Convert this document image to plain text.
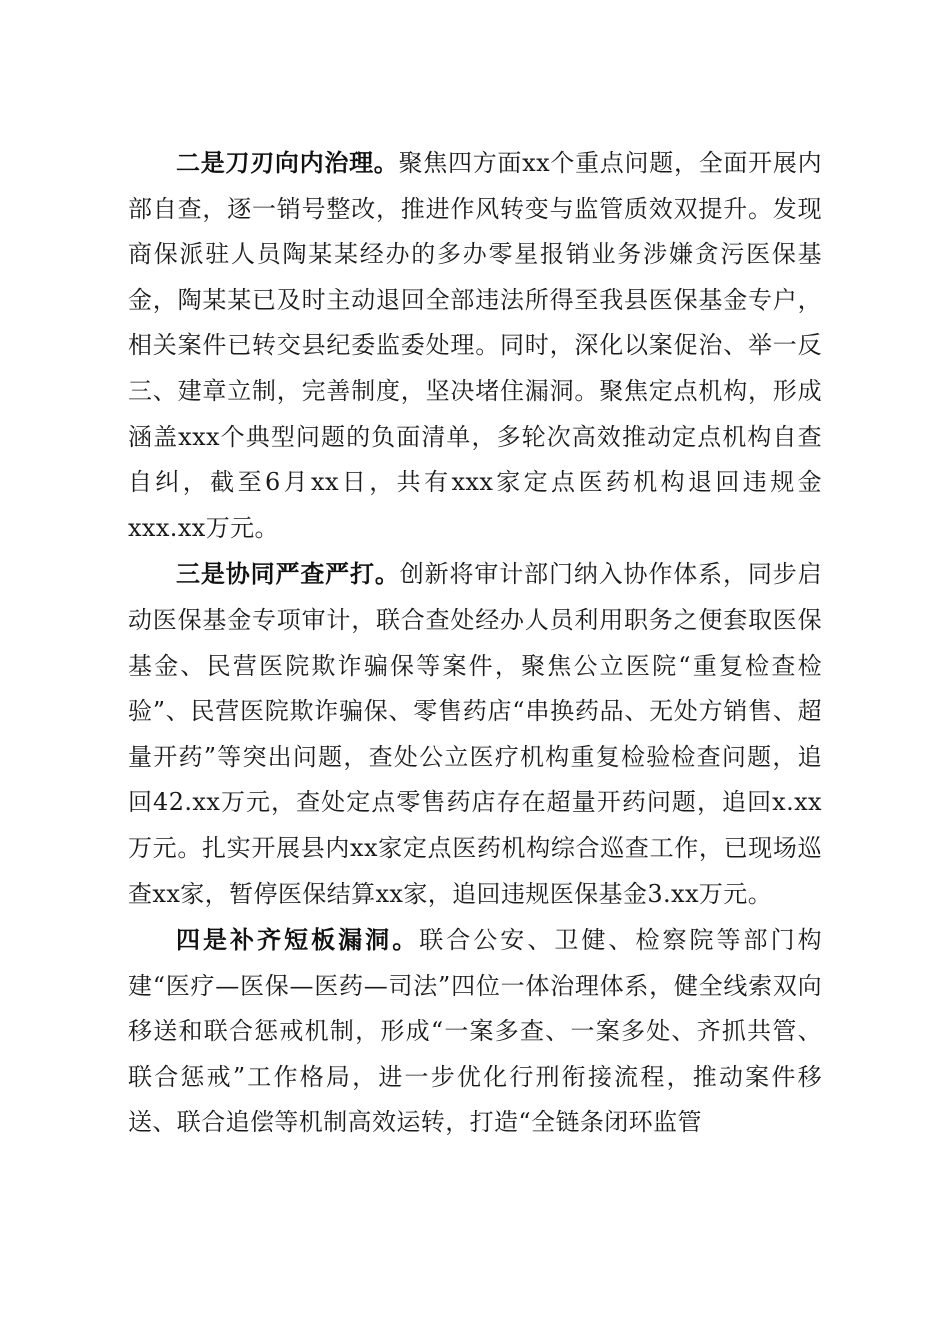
二是刀刃向内治理。聚焦四方面xx个重点问题，全面开展内部自查，逐一销号整改，推进作风转变与监管质效双提升。发现商保派驻人员陶某某经办的多办零星报销业务涉嫌贪污医保基金，陶某某已及时主动退回全部违法所得至我县医保基金专户，相关案件已转交县纪委监委处理。同时，深化以案促治、举一反三、建章立制，完善制度，坚决堵住漏洞。聚焦定点机构，形成涵盖xxx个典型问题的负面清单，多轮次高效推动定点机构自查自纠，截至6月xx日，共有xxx家定点医药机构退回违规金xxx.xx万元。

三是协同严查严打。创新将审计部门纳入协作体系，同步启动医保基金专项审计，联合查处经办人员利用职务之便套取医保基金、民营医院欺诈骗保等案件，聚焦公立医院“重复检查检验”、民营医院欺诈骗保、零售药店“串换药品、无处方销售、超量开药”等突出问题，查处公立医疗机构重复检验检查问题，追回42.xx万元，查处定点零售药店存在超量开药问题，追回x.xx万元。扎实开展县内xx家定点医药机构综合巡查工作，已现场巡查xx家，暂停医保结算xx家，追回违规医保基金3.xx万元。

四是补齐短板漏洞。联合公安、卫健、检察院等部门构建“医疗—医保—医药—司法”四位一体治理体系，健全线索双向移送和联合惩戒机制，形成“一案多查、一案多处、齐抓共管、联合惩戒”工作格局，进一步优化行刑衔接流程，推动案件移送、联合追偿等机制高效运转，打造“全链条闭环监管
